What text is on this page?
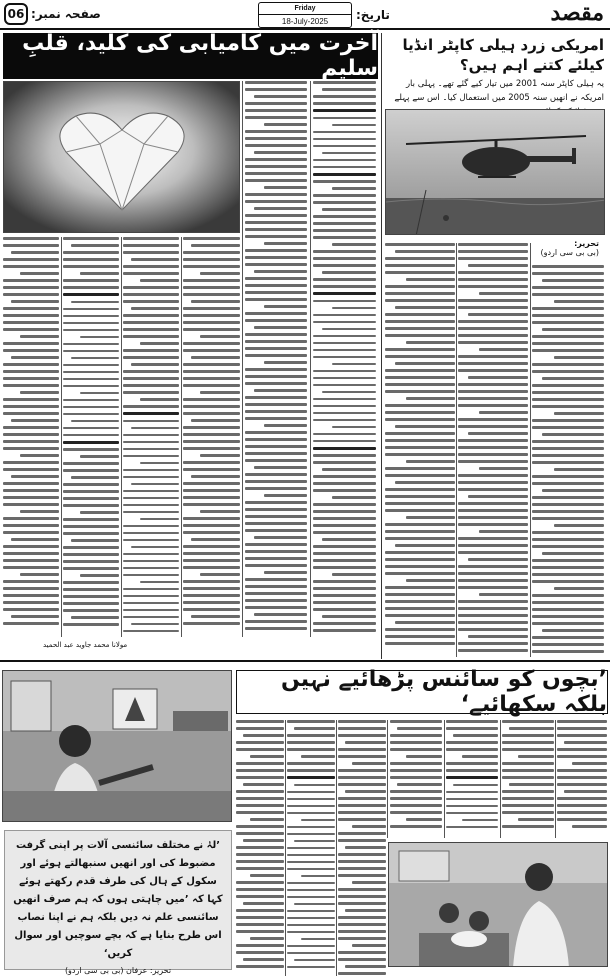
06 صفحہ نمبر:	Friday
18-July-2025	تاریخ:	مقصد
امریکی زرد ہیلی کاپٹر انڈیا کیلئے کتنے اہم ہیں؟
یہ ہیلی کاپٹر سنہ 2001 میں تیار کیے گئے تھے۔ پہلی بار امریکہ نے انھیں سنہ 2005 میں استعمال کیا۔ اس سے پہلے
تحریر:
(بی بی سی اردو)
آخرت میں کامیابی کی کلید، قلبِ سلیم
مولانا محمد جاوید عبد الحمید
’بچوں کو سائنس پڑھائیے نہیں بلکہ سکھائیے‘
’لہٰ نے مختلف سائنسی آلات پر اپنی گرفت مضبوط کی اور انھیں سنبھالتے ہوئے اور سکول کے ہال کی طرف قدم رکھتے ہوئے کہا کہ ’میں چاہتی ہوں کہ ہم صرف انھیں سائنسی علم نہ دیں بلکہ ہم نے اپنا نصاب اس طرح بنایا ہے کہ بچے سوچیں اور سوال کریں‘
تحریر: عرفان (بی بی سی اردو)
